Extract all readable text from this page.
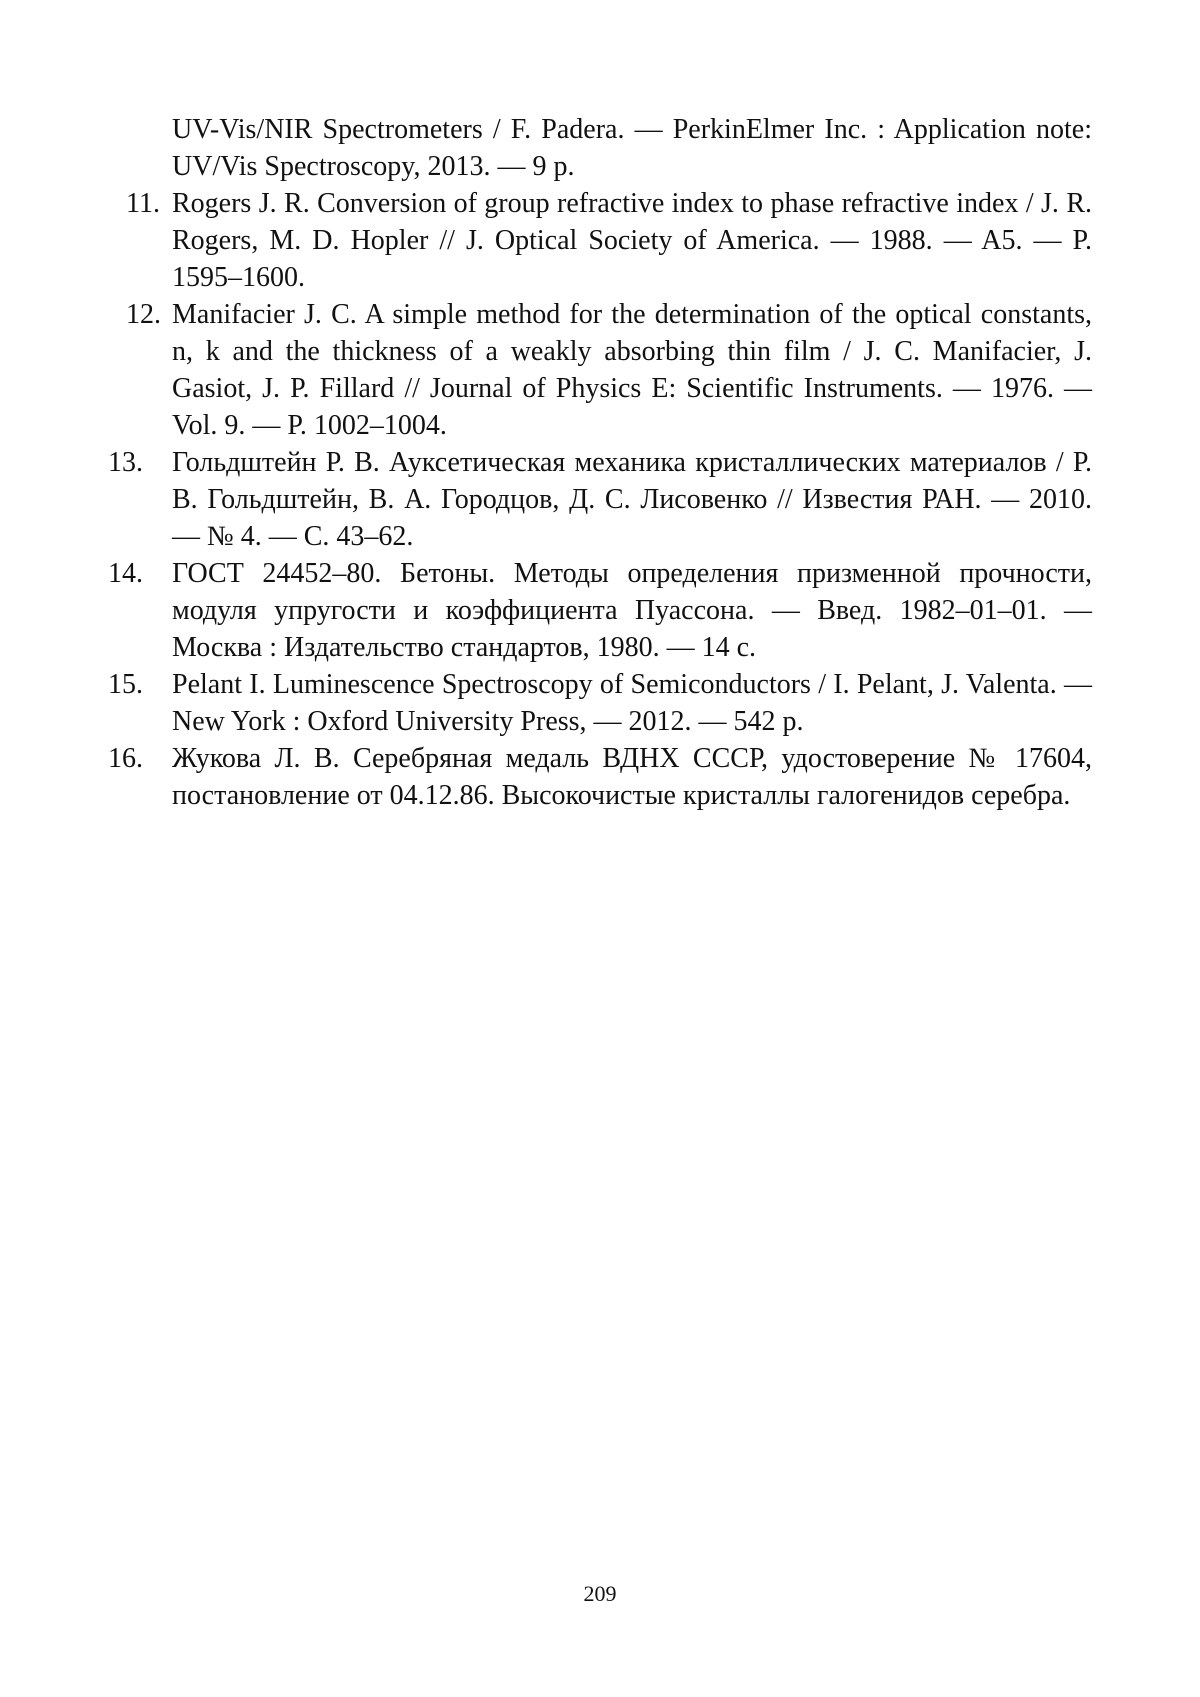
UV-Vis/NIR Spectrometers / F. Padera. — PerkinElmer Inc. : Application note: UV/Vis Spectroscopy, 2013. — 9 p.

11. Rogers J. R. Conversion of group refractive index to phase refractive index / J. R. Rogers, M. D. Hopler // J. Optical Society of America. — 1988. — A5. — P. 1595–1600.

12. Manifacier J. C. A simple method for the determination of the optical constants, n, k and the thickness of a weakly absorbing thin film / J. C. Manifacier, J. Gasiot, J. P. Fillard // Journal of Physics E: Scientific Instruments. — 1976. — Vol. 9. — P. 1002–1004.

13.	Гольдштейн Р. В. Ауксетическая механика кристаллических материалов / Р. В. Гольдштейн, В. А. Городцов, Д. С. Лисовенко // Известия РАН. — 2010. — № 4. — С. 43–62.

14.	ГОСТ 24452–80. Бетоны. Методы определения призменной прочности, модуля упругости и коэффициента Пуассона. — Введ. 1982–01–01. — Москва : Издательство стандартов, 1980. — 14 с.

15.	Pelant I. Luminescence Spectroscopy of Semiconductors / I. Pelant, J. Valenta. — New York : Oxford University Press, — 2012. — 542 p.

16.	Жукова Л. В. Серебряная медаль ВДНХ СССР, удостоверение № 17604, постановление от 04.12.86. Высокочистые кристаллы галогенидов серебра.

209
